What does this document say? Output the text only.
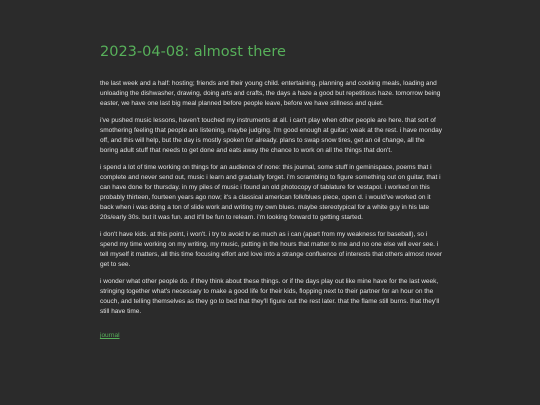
2023-04-08: almost there

the last week and a half: hosting; friends and their young child. entertaining, planning and cooking meals, loading and unloading the dishwasher, drawing, doing arts and crafts, the days a haze a good but repetitious haze. tomorrow being easter, we have one last big meal planned before people leave, before we have stillness and quiet.

i've pushed music lessons, haven't touched my instruments at all. i can't play when other people are here. that sort of smothering feeling that people are listening, maybe judging. i'm good enough at guitar; weak at the rest. i have monday off, and this will help, but the day is mostly spoken for already. plans to swap snow tires, get an oil change, all the boring adult stuff that needs to get done and eats away the chance to work on all the things that don't.

i spend a lot of time working on things for an audience of none: this journal, some stuff in geminispace, poems that i complete and never send out, music i learn and gradually forget. i'm scrambling to figure something out on guitar, that i can have done for thursday. in my piles of music i found an old photocopy of tablature for vestapol. i worked on this probably thirteen, fourteen years ago now; it's a classical american folk/blues piece, open d. i would've worked on it back when i was doing a ton of slide work and writing my own blues. maybe stereotypical for a white guy in his late 20s/early 30s. but it was fun. and it'll be fun to relearn. i'm looking forward to getting started.

i don't have kids. at this point, i won't. i try to avoid tv as much as i can (apart from my weakness for baseball), so i spend my time working on my writing, my music, putting in the hours that matter to me and no one else will ever see. i tell myself it matters, all this time focusing effort and love into a strange confluence of interests that others almost never get to see.

i wonder what other people do. if they think about these things. or if the days play out like mine have for the last week, stringing together what's necessary to make a good life for their kids, flopping next to their partner for an hour on the couch, and telling themselves as they go to bed that they'll figure out the rest later. that the flame still burns. that they'll still have time.

journal
